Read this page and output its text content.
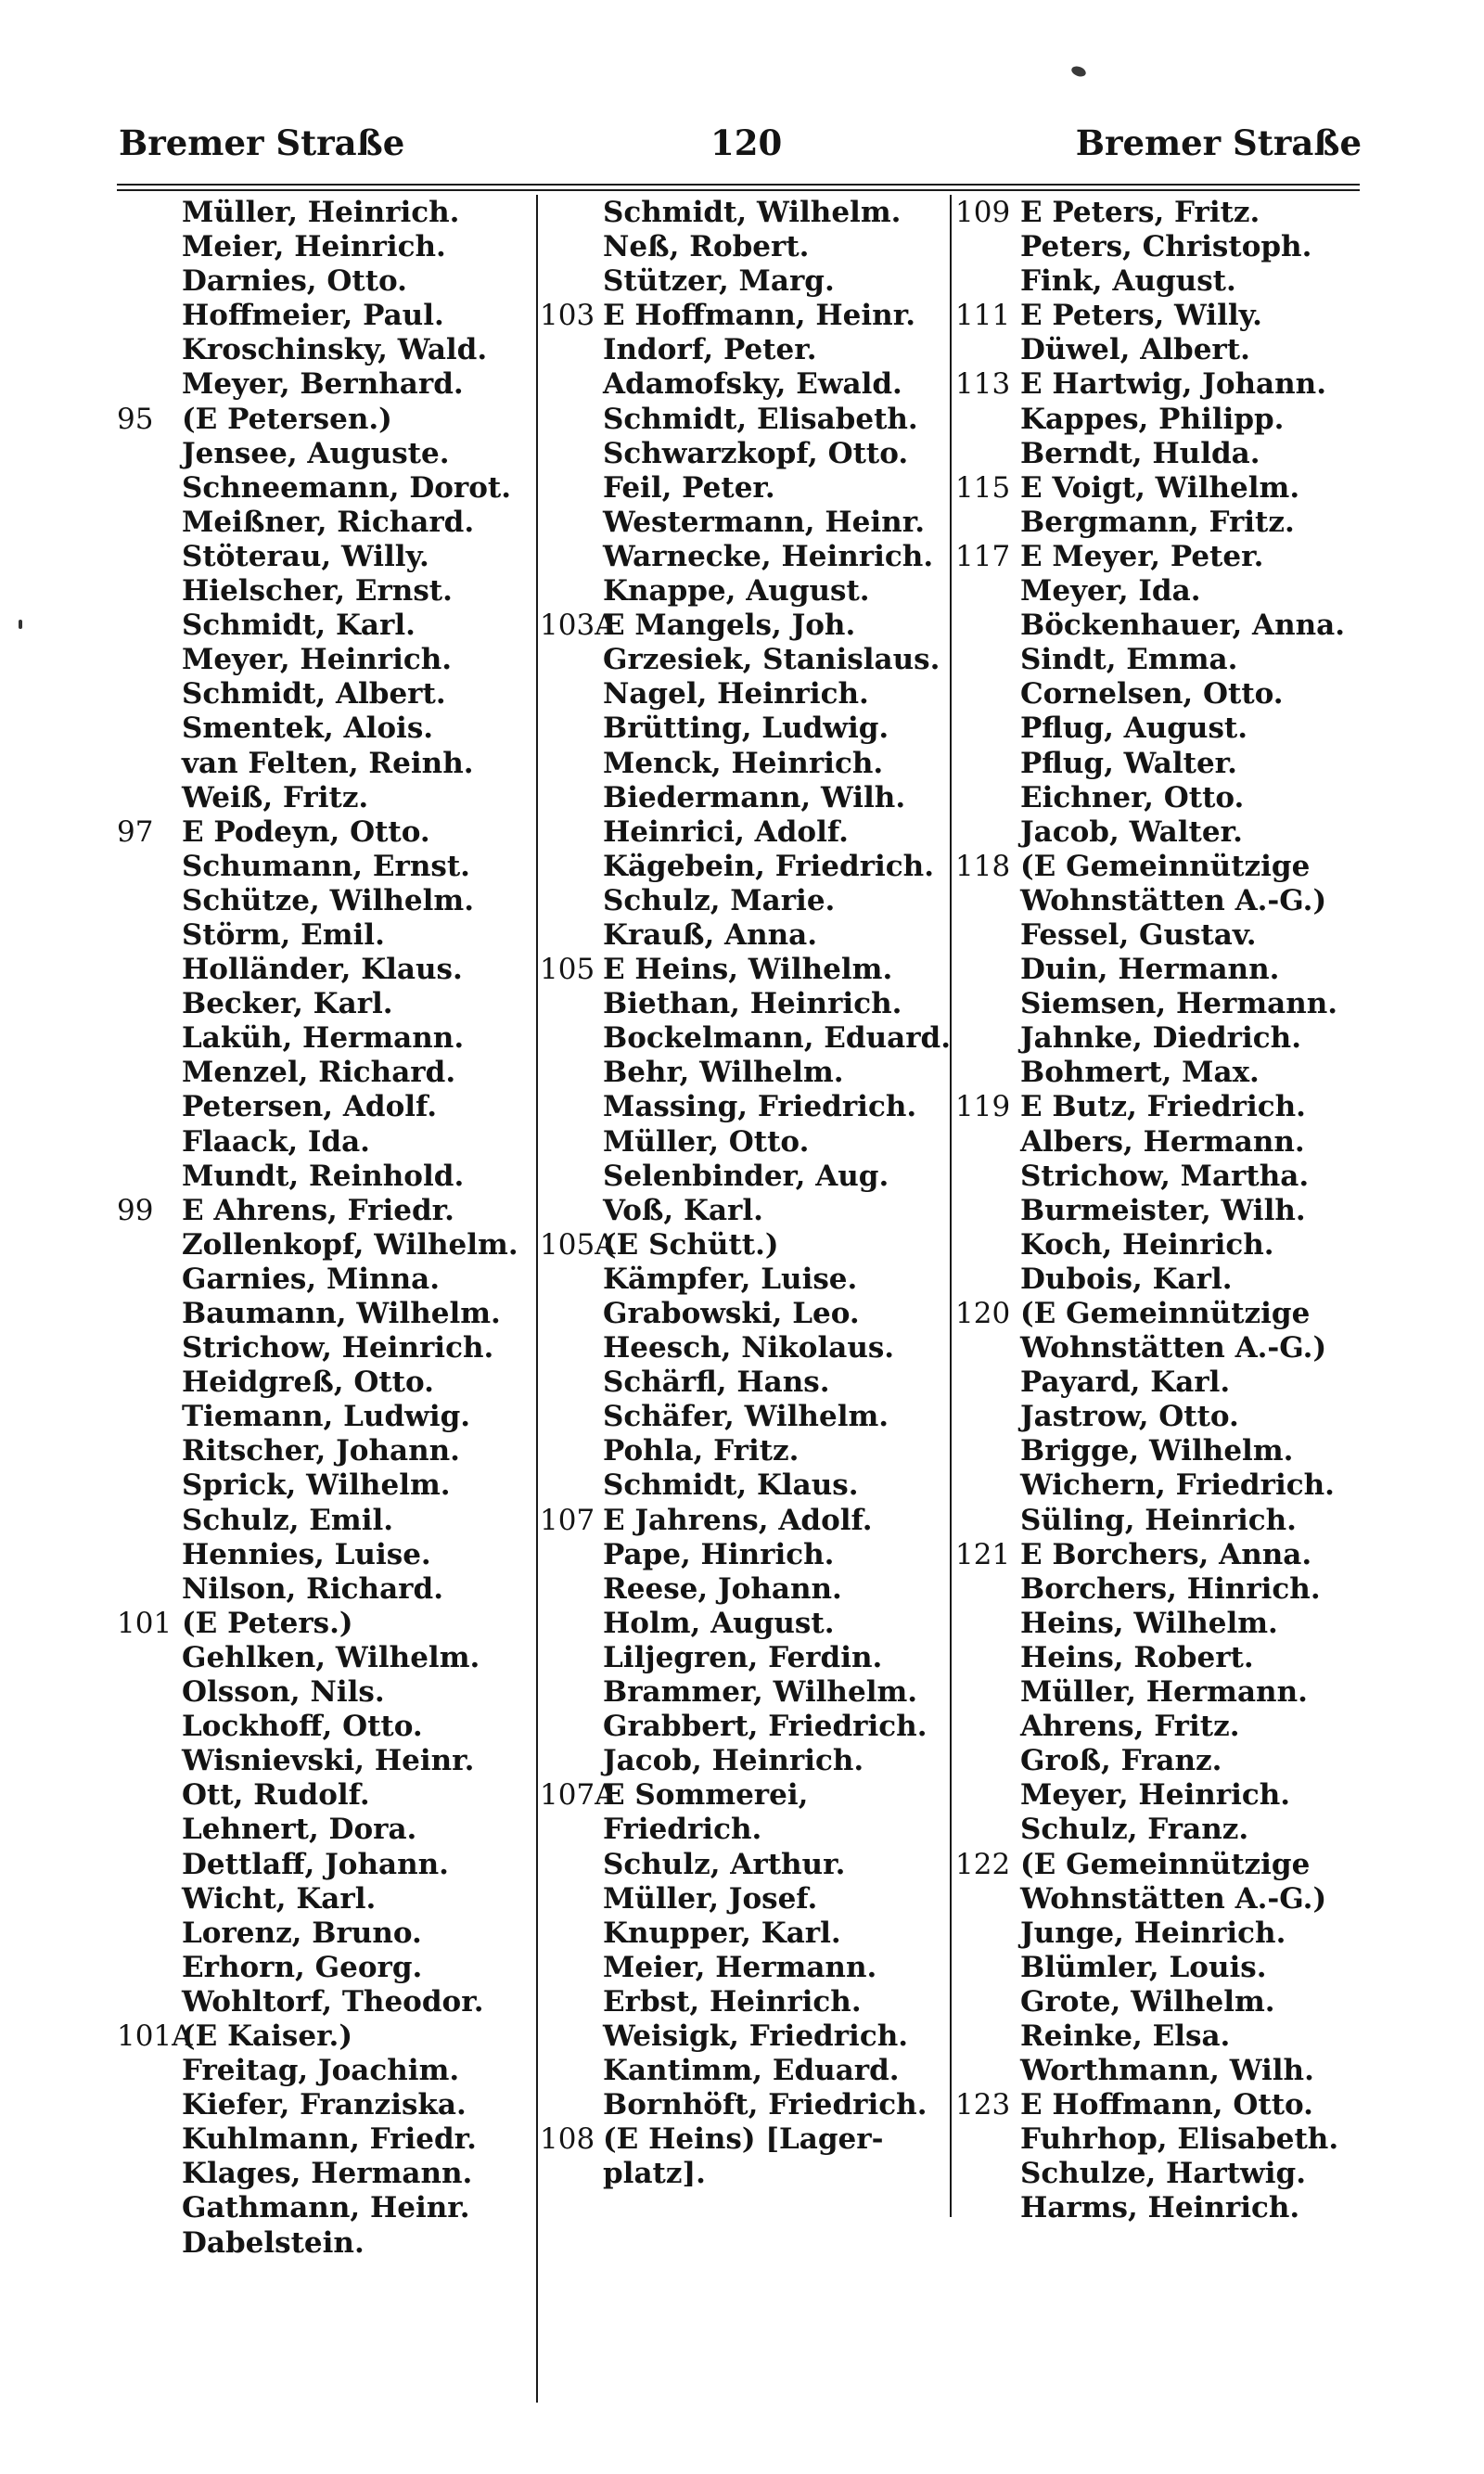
Bremer Straße	120	Bremer Straße
Müller, Heinrich.
Meier, Heinrich.
Darnies, Otto.
Hoffmeier, Paul.
Kroschinsky, Wald.
Meyer, Bernhard.
95 (E Petersen.)
Jensee, Auguste.
Schneemann, Dorot.
Meißner, Richard.
Stöterau, Willy.
Hielscher, Ernst.
Schmidt, Karl.
Meyer, Heinrich.
Schmidt, Albert.
Smentek, Alois.
van Felten, Reinh.
Weiß, Fritz.
97 E Podeyn, Otto.
Schumann, Ernst.
Schütze, Wilhelm.
Störm, Emil.
Holländer, Klaus.
Becker, Karl.
Laküh, Hermann.
Menzel, Richard.
Petersen, Adolf.
Flaack, Ida.
Mundt, Reinhold.
99 E Ahrens, Friedr.
Zollenkopf, Wilhelm.
Garnies, Minna.
Baumann, Wilhelm.
Strichow, Heinrich.
Heidgreß, Otto.
Tiemann, Ludwig.
Ritscher, Johann.
Sprick, Wilhelm.
Schulz, Emil.
Hennies, Luise.
Nilson, Richard.
101 (E Peters.)
Gehlken, Wilhelm.
Olsson, Nils.
Lockhoff, Otto.
Wisnievski, Heinr.
Ott, Rudolf.
Lehnert, Dora.
Dettlaff, Johann.
Wicht, Karl.
Lorenz, Bruno.
Erhorn, Georg.
Wohltorf, Theodor.
101A
(E Kaiser.)
Freitag, Joachim.
Kiefer, Franziska.
Kuhlmann, Friedr.
Klages, Hermann.
Gathmann, Heinr.
Dabelstein.
Schmidt, Wilhelm.
Neß, Robert.
Stützer, Marg.
103 E Hoffmann, Heinr.
Indorf, Peter.
Adamofsky, Ewald.
Schmidt, Elisabeth.
Schwarzkopf, Otto.
Feil, Peter.
Westermann, Heinr.
Warnecke, Heinrich.
Knappe, August.
103A
E Mangels, Joh.
Grzesiek, Stanislaus.
Nagel, Heinrich.
Brütting, Ludwig.
Menck, Heinrich.
Biedermann, Wilh.
Heinrici, Adolf.
Kägebein, Friedrich.
Schulz, Marie.
Krauß, Anna.
105 E Heins, Wilhelm.
Biethan, Heinrich.
Bockelmann, Eduard.
Behr, Wilhelm.
Massing, Friedrich.
Müller, Otto.
Selenbinder, Aug.
Voß, Karl.
105A
(E Schütt.)
Kämpfer, Luise.
Grabowski, Leo.
Heesch, Nikolaus.
Schärfl, Hans.
Schäfer, Wilhelm.
Pohla, Fritz.
Schmidt, Klaus.
107 E Jahrens, Adolf.
Pape, Hinrich.
Reese, Johann.
Holm, August.
Liljegren, Ferdin.
Brammer, Wilhelm.
Grabbert, Friedrich.
Jacob, Heinrich.
107A
E Sommerei,
Friedrich.
Schulz, Arthur.
Müller, Josef.
Knupper, Karl.
Meier, Hermann.
Erbst, Heinrich.
Weisigk, Friedrich.
Kantimm, Eduard.
Bornhöft, Friedrich.
108 (E Heins) [Lager-
platz].
109 E Peters, Fritz.
Peters, Christoph.
Fink, August.
111 E Peters, Willy.
Düwel, Albert.
113 E Hartwig, Johann.
Kappes, Philipp.
Berndt, Hulda.
115 E Voigt, Wilhelm.
Bergmann, Fritz.
117 E Meyer, Peter.
Meyer, Ida.
Böckenhauer, Anna.
Sindt, Emma.
Cornelsen, Otto.
Pflug, August.
Pflug, Walter.
Eichner, Otto.
Jacob, Walter.
118 (E Gemeinnützige
Wohnstätten A.-G.)
Fessel, Gustav.
Duin, Hermann.
Siemsen, Hermann.
Jahnke, Diedrich.
Bohmert, Max.
119 E Butz, Friedrich.
Albers, Hermann.
Strichow, Martha.
Burmeister, Wilh.
Koch, Heinrich.
Dubois, Karl.
120 (E Gemeinnützige
Wohnstätten A.-G.)
Payard, Karl.
Jastrow, Otto.
Brigge, Wilhelm.
Wichern, Friedrich.
Süling, Heinrich.
121 E Borchers, Anna.
Borchers, Hinrich.
Heins, Wilhelm.
Heins, Robert.
Müller, Hermann.
Ahrens, Fritz.
Groß, Franz.
Meyer, Heinrich.
Schulz, Franz.
122 (E Gemeinnützige
Wohnstätten A.-G.)
Junge, Heinrich.
Blümler, Louis.
Grote, Wilhelm.
Reinke, Elsa.
Worthmann, Wilh.
123 E Hoffmann, Otto.
Fuhrhop, Elisabeth.
Schulze, Hartwig.
Harms, Heinrich.
